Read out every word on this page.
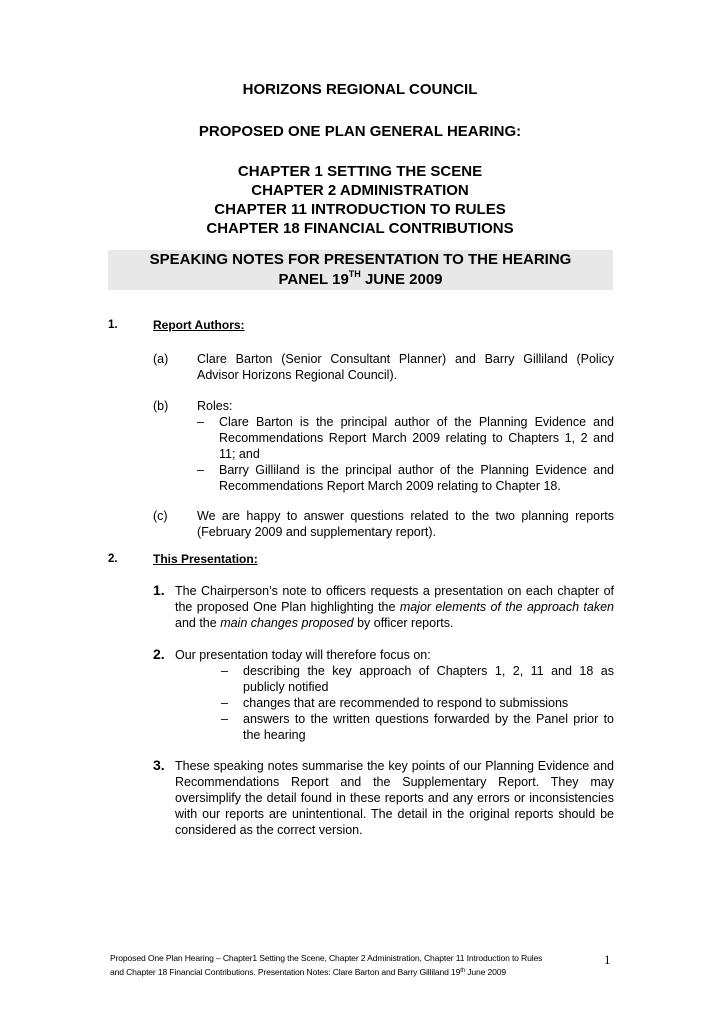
HORIZONS REGIONAL COUNCIL
PROPOSED ONE PLAN GENERAL HEARING:
CHAPTER 1 SETTING THE SCENE
CHAPTER 2 ADMINISTRATION
CHAPTER 11 INTRODUCTION TO RULES
CHAPTER 18 FINANCIAL CONTRIBUTIONS
SPEAKING NOTES FOR PRESENTATION TO THE HEARING
PANEL 19TH JUNE 2009
1.	Report Authors:
(a) Clare Barton (Senior Consultant Planner) and Barry Gilliland (Policy Advisor Horizons Regional Council).
(b) Roles:
– Clare Barton is the principal author of the Planning Evidence and Recommendations Report March 2009 relating to Chapters 1, 2 and 11; and
– Barry Gilliland is the principal author of the Planning Evidence and Recommendations Report March 2009 relating to Chapter 18.
(c) We are happy to answer questions related to the two planning reports (February 2009 and supplementary report).
2.	This Presentation:
1. The Chairperson’s note to officers requests a presentation on each chapter of the proposed One Plan highlighting the major elements of the approach taken and the main changes proposed by officer reports.
2. Our presentation today will therefore focus on:
– describing the key approach of Chapters 1, 2, 11 and 18 as publicly notified
– changes that are recommended to respond to submissions
– answers to the written questions forwarded by the Panel prior to the hearing
3. These speaking notes summarise the key points of our Planning Evidence and Recommendations Report and the Supplementary Report. They may oversimplify the detail found in these reports and any errors or inconsistencies with our reports are unintentional. The detail in the original reports should be considered as the correct version.
Proposed One Plan Hearing – Chapter1 Setting the Scene, Chapter 2 Administration, Chapter 11 Introduction to Rules
and Chapter 18 Financial Contributions. Presentation Notes: Clare Barton and Barry Gilliland 19th June 2009
1
